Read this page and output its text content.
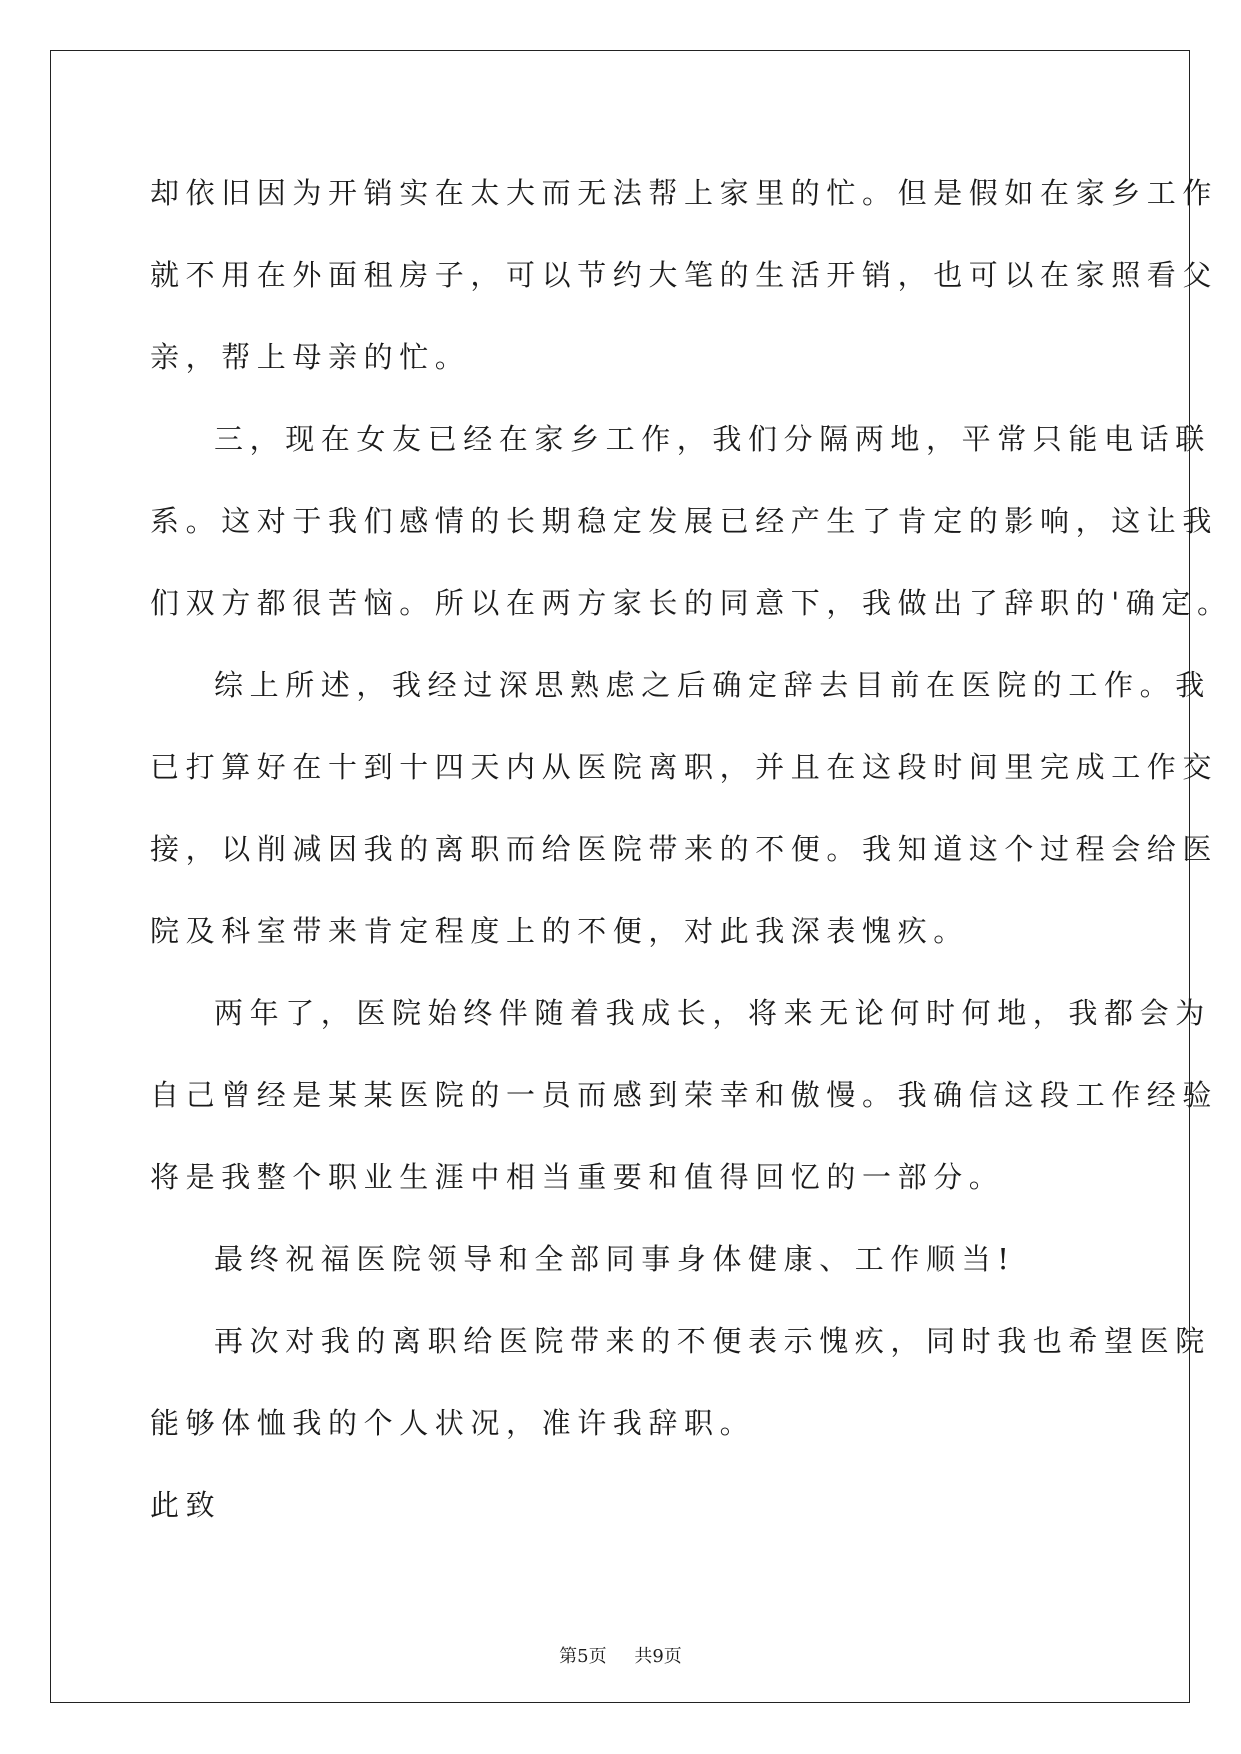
却依旧因为开销实在太大而无法帮上家里的忙。但是假如在家乡工作
就不用在外面租房子，可以节约大笔的生活开销，也可以在家照看父
亲，帮上母亲的忙。
三，现在女友已经在家乡工作，我们分隔两地，平常只能电话联
系。这对于我们感情的长期稳定发展已经产生了肯定的影响，这让我
们双方都很苦恼。所以在两方家长的同意下，我做出了辞职的'确定。
综上所述，我经过深思熟虑之后确定辞去目前在医院的工作。我
已打算好在十到十四天内从医院离职，并且在这段时间里完成工作交
接，以削减因我的离职而给医院带来的不便。我知道这个过程会给医
院及科室带来肯定程度上的不便，对此我深表愧疚。
两年了，医院始终伴随着我成长，将来无论何时何地，我都会为
自己曾经是某某医院的一员而感到荣幸和傲慢。我确信这段工作经验
将是我整个职业生涯中相当重要和值得回忆的一部分。
最终祝福医院领导和全部同事身体健康、工作顺当!
再次对我的离职给医院带来的不便表示愧疚，同时我也希望医院
能够体恤我的个人状况，准许我辞职。
此致
第5页 共9页
